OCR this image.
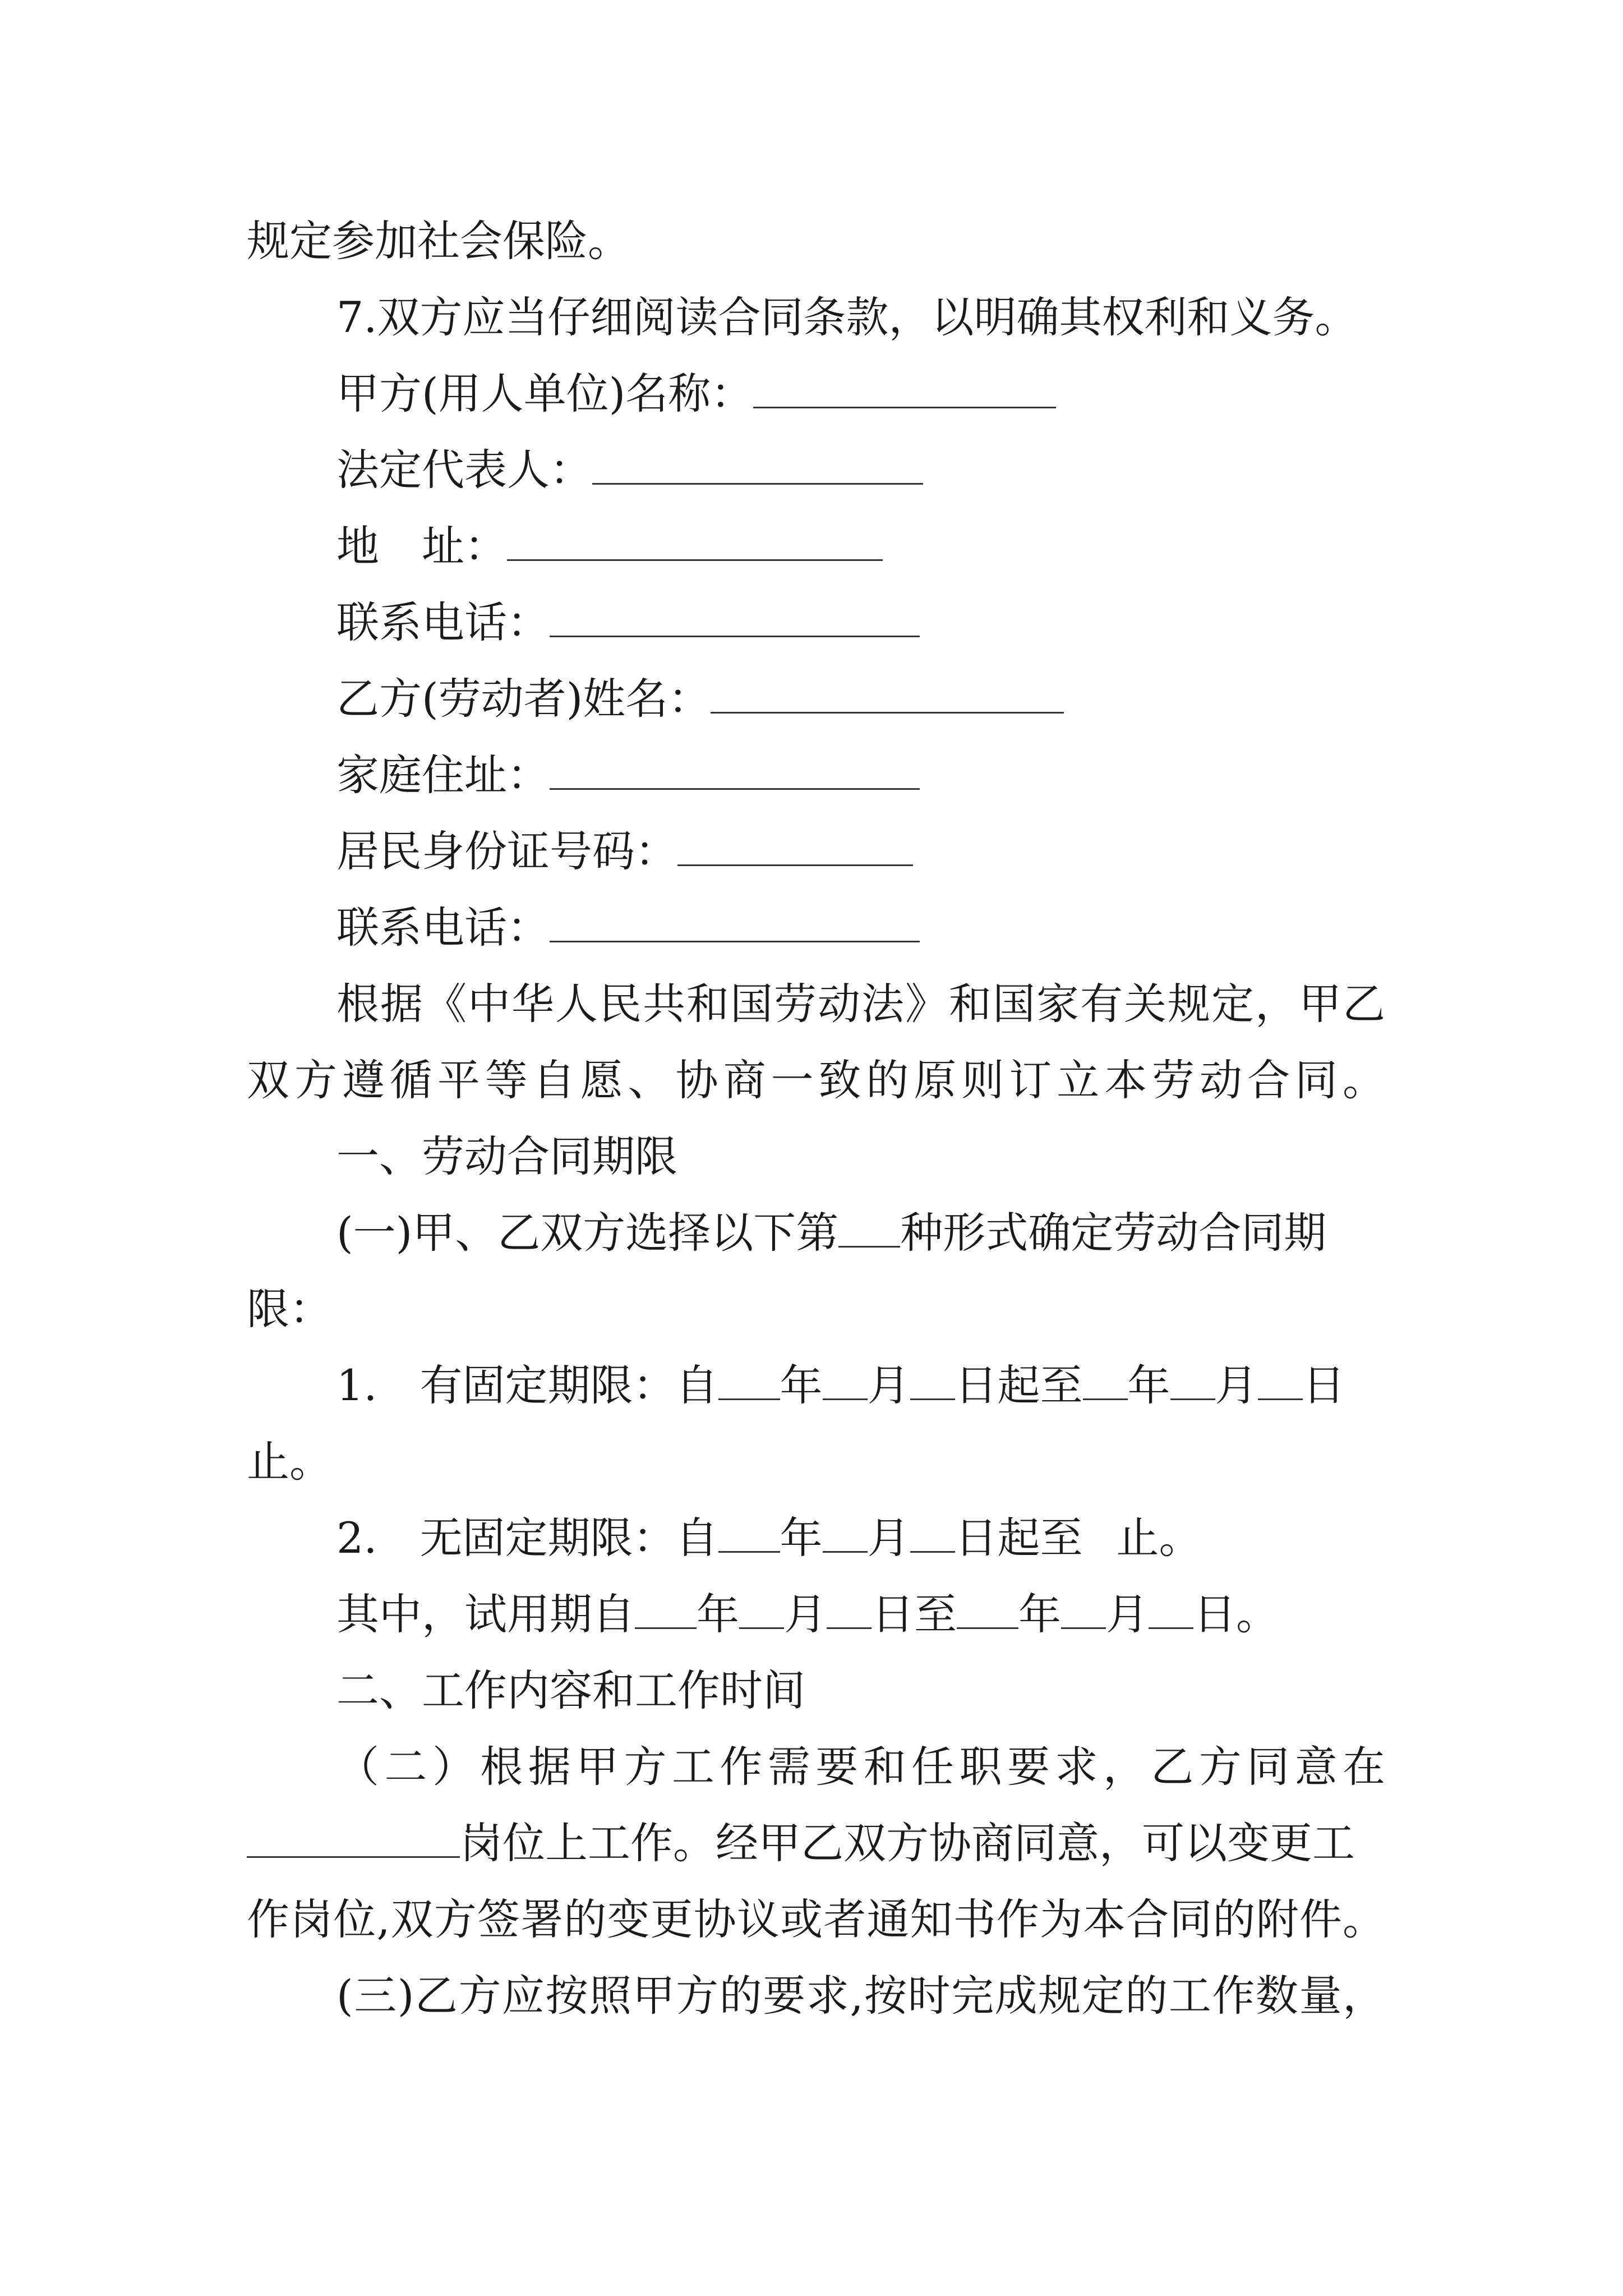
规定参加社会保险。
7.双方应当仔细阅读合同条款，以明确其权利和义务。
甲方(用人单位)名称：
法定代表人：
地　址：
联系电话：
乙方(劳动者)姓名：
家庭住址：
居民身份证号码：
联系电话：
根据《中华人民共和国劳动法》和国家有关规定，甲乙
双方遵循平等自愿、协商一致的原则订立本劳动合同。
一、劳动合同期限
(一)甲、乙双方选择以下第 种形式确定劳动合同期
限：
1.　有固定期限：自 年 月 日起至 年 月 日
止。
2.　无固定期限：自 年 月 日起至 止。
其中，试用期自 年 月 日至 年 月 日。
二、工作内容和工作时间
（二）根据甲方工作需要和任职要求，乙方同意在
岗位上工作。经甲乙双方协商同意，可以变更工
作岗位,双方签署的变更协议或者通知书作为本合同的附件。
(三)乙方应按照甲方的要求,按时完成规定的工作数量，
